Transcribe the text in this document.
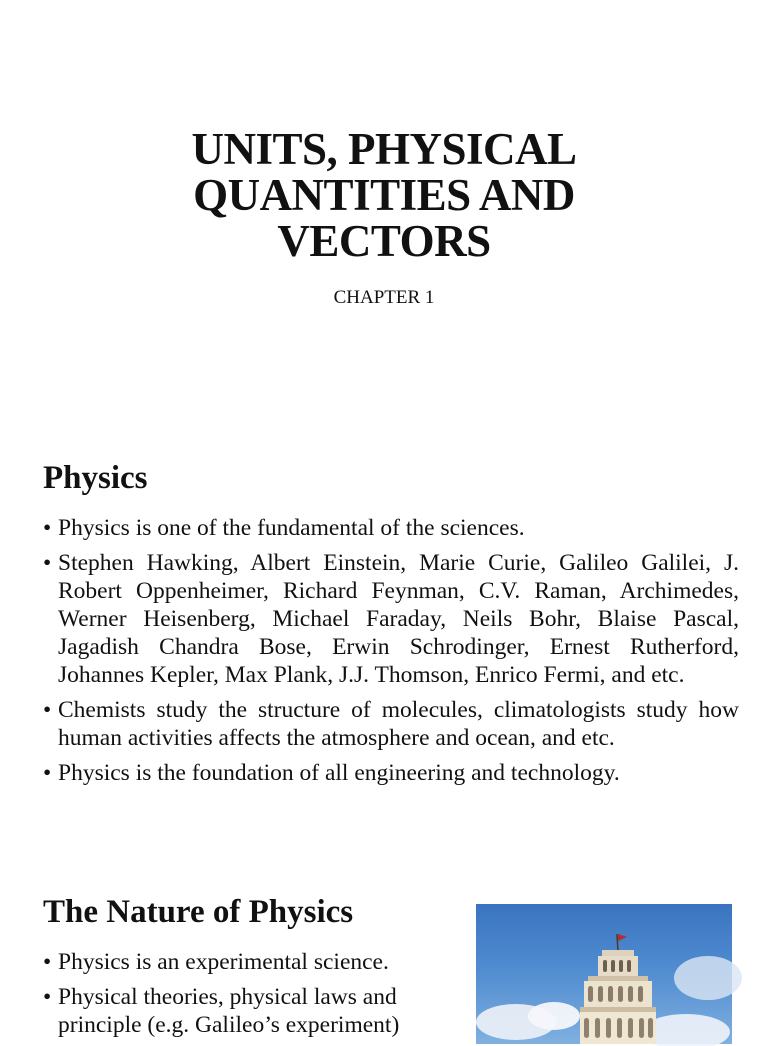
UNITS, PHYSICAL
QUANTITIES AND
VECTORS

CHAPTER 1

Physics
• Physics is one of the fundamental of the sciences.
• Stephen Hawking, Albert Einstein, Marie Curie, Galileo Galilei, J. Robert Oppenheimer, Richard Feynman, C.V. Raman, Archimedes, Werner Heisenberg, Michael Faraday, Neils Bohr, Blaise Pascal, Jagadish Chandra Bose, Erwin Schrodinger, Ernest Rutherford, Johannes Kepler, Max Plank, J.J. Thomson, Enrico Fermi, and etc.
• Chemists study the structure of molecules, climatologists study how human activities affects the atmosphere and ocean, and etc.
• Physics is the foundation of all engineering and technology.
The Nature of Physics
• Physics is an experimental science.
• Physical theories, physical laws and principle (e.g. Galileo’s experiment)
